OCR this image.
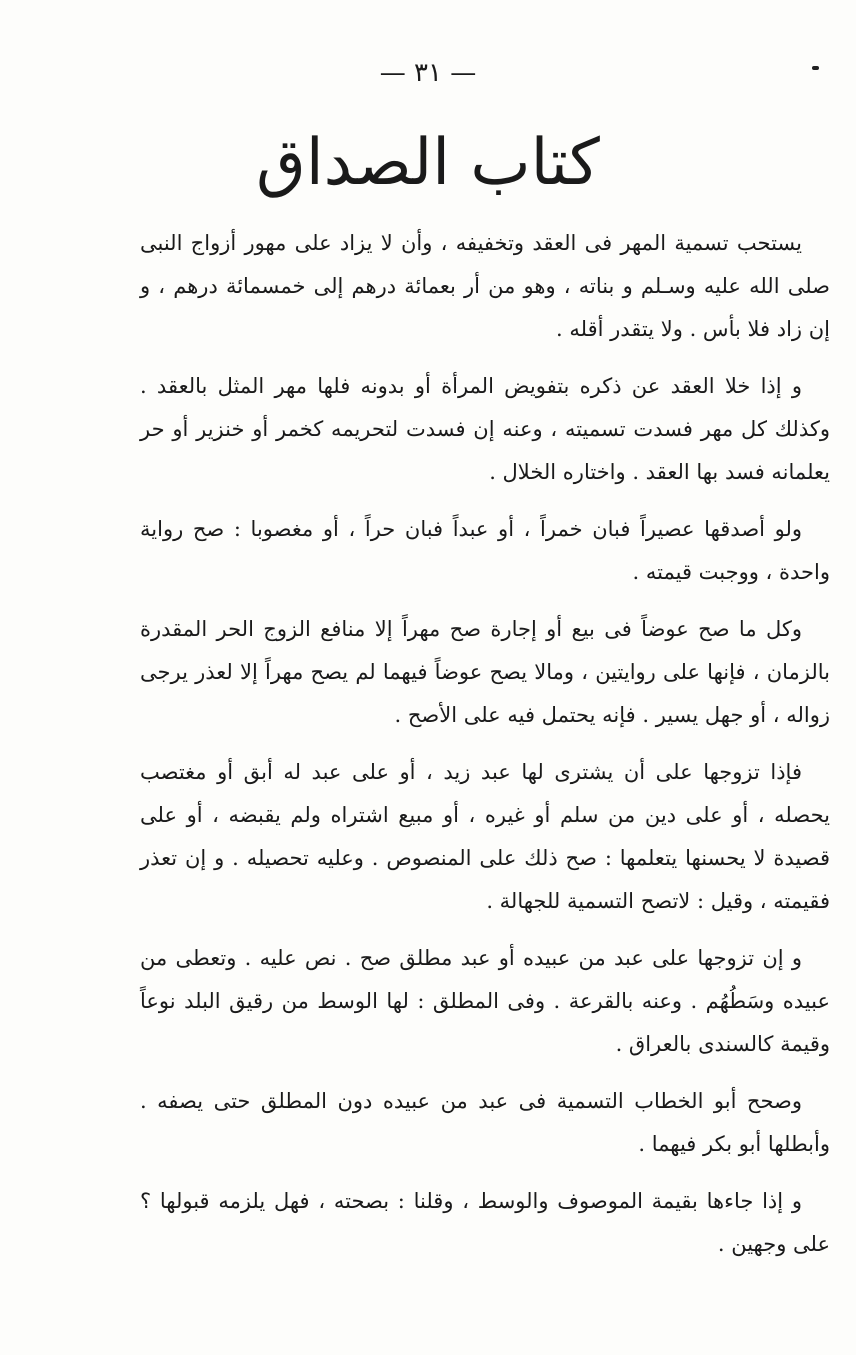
— ٣١ —
كتاب الصداق

يستحب تسمية المهر فى العقد وتخفيفه ، وأن لا يزاد على مهور أزواج النبى صلى الله عليه وسـلم و بناته ، وهو من أر بعمائة درهم إلى خمسمائة درهم ، و إن زاد فلا بأس . ولا يتقدر أقله .

و إذا خلا العقد عن ذكره بتفويض المرأة أو بدونه فلها مهر المثل بالعقد . وكذلك كل مهر فسدت تسميته ، وعنه إن فسدت لتحريمه كخمر أو خنزير أو حر يعلمانه فسد بها العقد . واختاره الخلال .

ولو أصدقها عصيراً فبان خمراً ، أو عبداً فبان حراً ، أو مغصوبا : صح رواية واحدة ، ووجبت قيمته .

وكل ما صح عوضاً فى بيع أو إجارة صح مهراً إلا منافع الزوج الحر المقدرة بالزمان ، فإنها على روايتين ، ومالا يصح عوضاً فيهما لم يصح مهراً إلا لعذر يرجى زواله ، أو جهل يسير . فإنه يحتمل فيه على الأصح .

فإذا تزوجها على أن يشترى لها عبد زيد ، أو على عبد له أبق أو مغتصب يحصله ، أو على دين من سلم أو غيره ، أو مبيع اشتراه ولم يقبضه ، أو على قصيدة لا يحسنها يتعلمها : صح ذلك على المنصوص . وعليه تحصيله . و إن تعذر فقيمته ، وقيل : لاتصح التسمية للجهالة .

و إن تزوجها على عبد من عبيده أو عبد مطلق صح . نص عليه . وتعطى من عبيده وسَطُهُم . وعنه بالقرعة . وفى المطلق : لها الوسط من رقيق البلد نوعاً وقيمة كالسندى بالعراق .

وصحح أبو الخطاب التسمية فى عبد من عبيده دون المطلق حتى يصفه . وأبطلها أبو بكر فيهما .

و إذا جاءها بقيمة الموصوف والوسط ، وقلنا : بصحته ، فهل يلزمه قبولها ؟ على وجهين .
